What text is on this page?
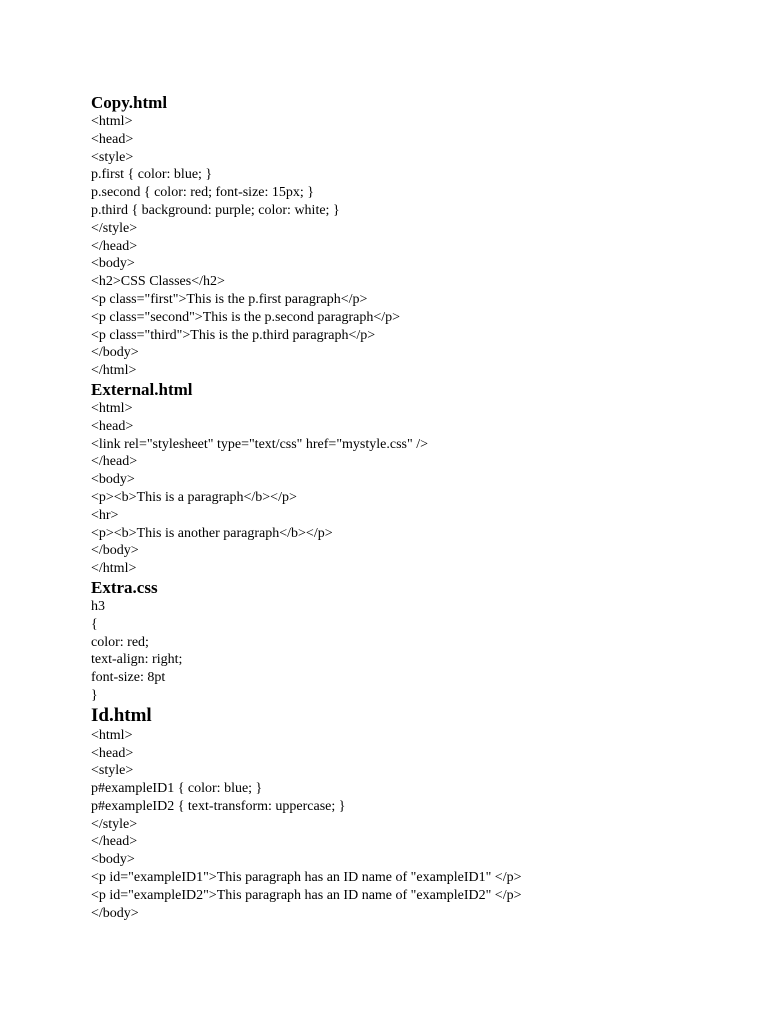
Copy.html
<html>
<head>
<style>
p.first { color: blue; }
p.second { color: red; font-size: 15px; }
p.third { background: purple; color: white; }
</style>
</head>
<body>
<h2>CSS Classes</h2>
<p class="first">This is the p.first paragraph</p>
<p class="second">This is the p.second paragraph</p>
<p class="third">This is the p.third paragraph</p>
</body>
</html>
External.html
<html>
<head>
<link rel="stylesheet" type="text/css" href="mystyle.css" />
</head>
<body>
<p><b>This is a paragraph</b></p>
<hr>
<p><b>This is another paragraph</b></p>
</body>
</html>
Extra.css
h3
{
color: red;
text-align: right;
font-size: 8pt
}
Id.html
<html>
<head>
<style>
p#exampleID1 { color: blue; }
p#exampleID2 { text-transform: uppercase; }
</style>
</head>
<body>
<p id="exampleID1">This paragraph has an ID name of "exampleID1" </p>
<p id="exampleID2">This paragraph has an ID name of "exampleID2" </p>
</body>
